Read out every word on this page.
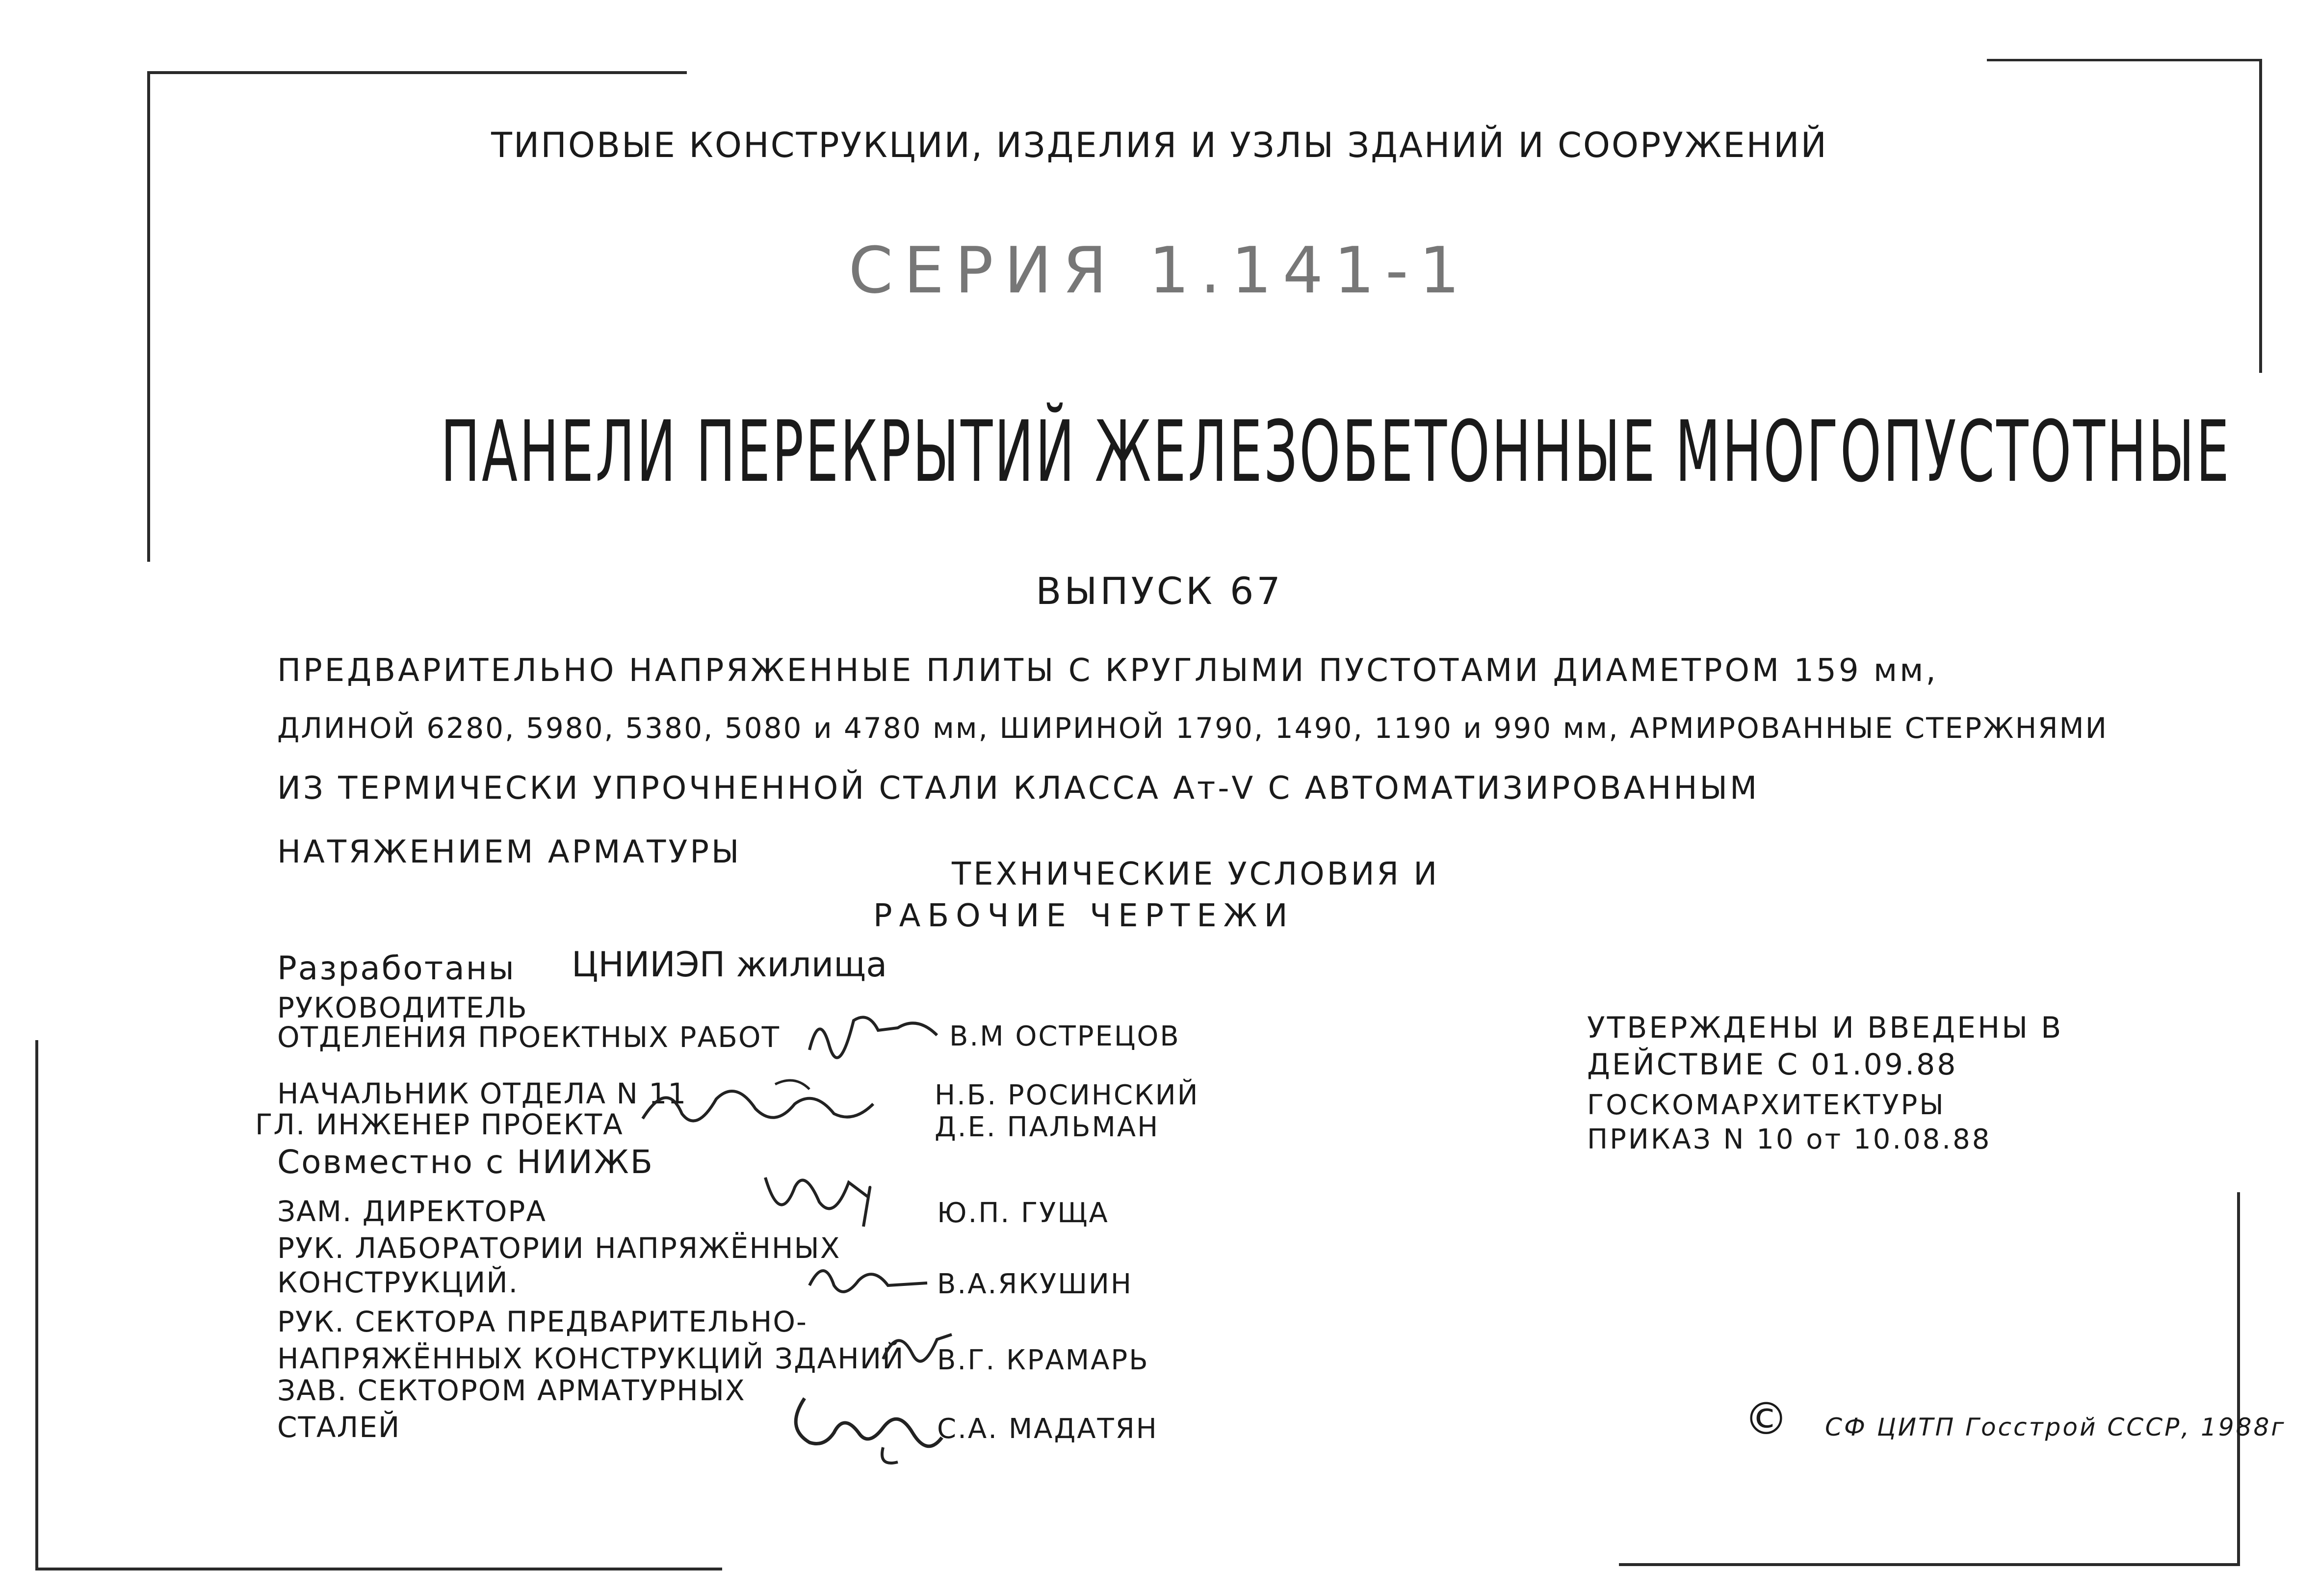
ТИПОВЫЕ КОНСТРУКЦИИ, ИЗДЕЛИЯ И УЗЛЫ ЗДАНИЙ И СООРУЖЕНИЙ
СЕРИЯ 1.141-1
ПАНЕЛИ ПЕРЕКРЫТИЙ ЖЕЛЕЗОБЕТОННЫЕ МНОГОПУСТОТНЫЕ
ВЫПУСК 67
ПРЕДВАРИТЕЛЬНО НАПРЯЖЕННЫЕ ПЛИТЫ С КРУГЛЫМИ ПУСТОТАМИ ДИАМЕТРОМ 159 мм,
ДЛИНОЙ 6280, 5980, 5380, 5080 и 4780 мм, ШИРИНОЙ 1790, 1490, 1190 и 990 мм, АРМИРОВАННЫЕ СТЕРЖНЯМИ
ИЗ ТЕРМИЧЕСКИ УПРОЧНЕННОЙ СТАЛИ КЛАССА Ат-V С АВТОМАТИЗИРОВАННЫМ
НАТЯЖЕНИЕМ АРМАТУРЫ
ТЕХНИЧЕСКИЕ УСЛОВИЯ И
РАБОЧИЕ ЧЕРТЕЖИ
Разработаны ЦНИИЭП жилища
РУКОВОДИТЕЛЬ
ОТДЕЛЕНИЯ ПРОЕКТНЫХ РАБОТ	В.М ОСТРЕЦОВ
НАЧАЛЬНИК ОТДЕЛА N 11	Н.Б. РОСИНСКИЙ
ГЛ. ИНЖЕНЕР ПРОЕКТА	Д.Е. ПАЛЬМАН
Совместно с НИИЖБ
ЗАМ. ДИРЕКТОРА	Ю.П. ГУЩА
РУК. ЛАБОРАТОРИИ НАПРЯЖЁННЫХ
КОНСТРУКЦИЙ.	В.А.ЯКУШИН
РУК. СЕКТОРА ПРЕДВАРИТЕЛЬНО-
НАПРЯЖЁННЫХ КОНСТРУКЦИЙ ЗДАНИЙ В.Г. КРАМАРЬ
ЗАВ. СЕКТОРОМ АРМАТУРНЫХ
СТАЛЕЙ	С.А. МАДАТЯН
УТВЕРЖДЕНЫ И ВВЕДЕНЫ В
ДЕЙСТВИЕ С 01.09.88
ГОСКОМАРХИТЕКТУРЫ
ПРИКАЗ N 10 от 10.08.88
© СФ ЦИТП Госстрой СССР, 1988г
